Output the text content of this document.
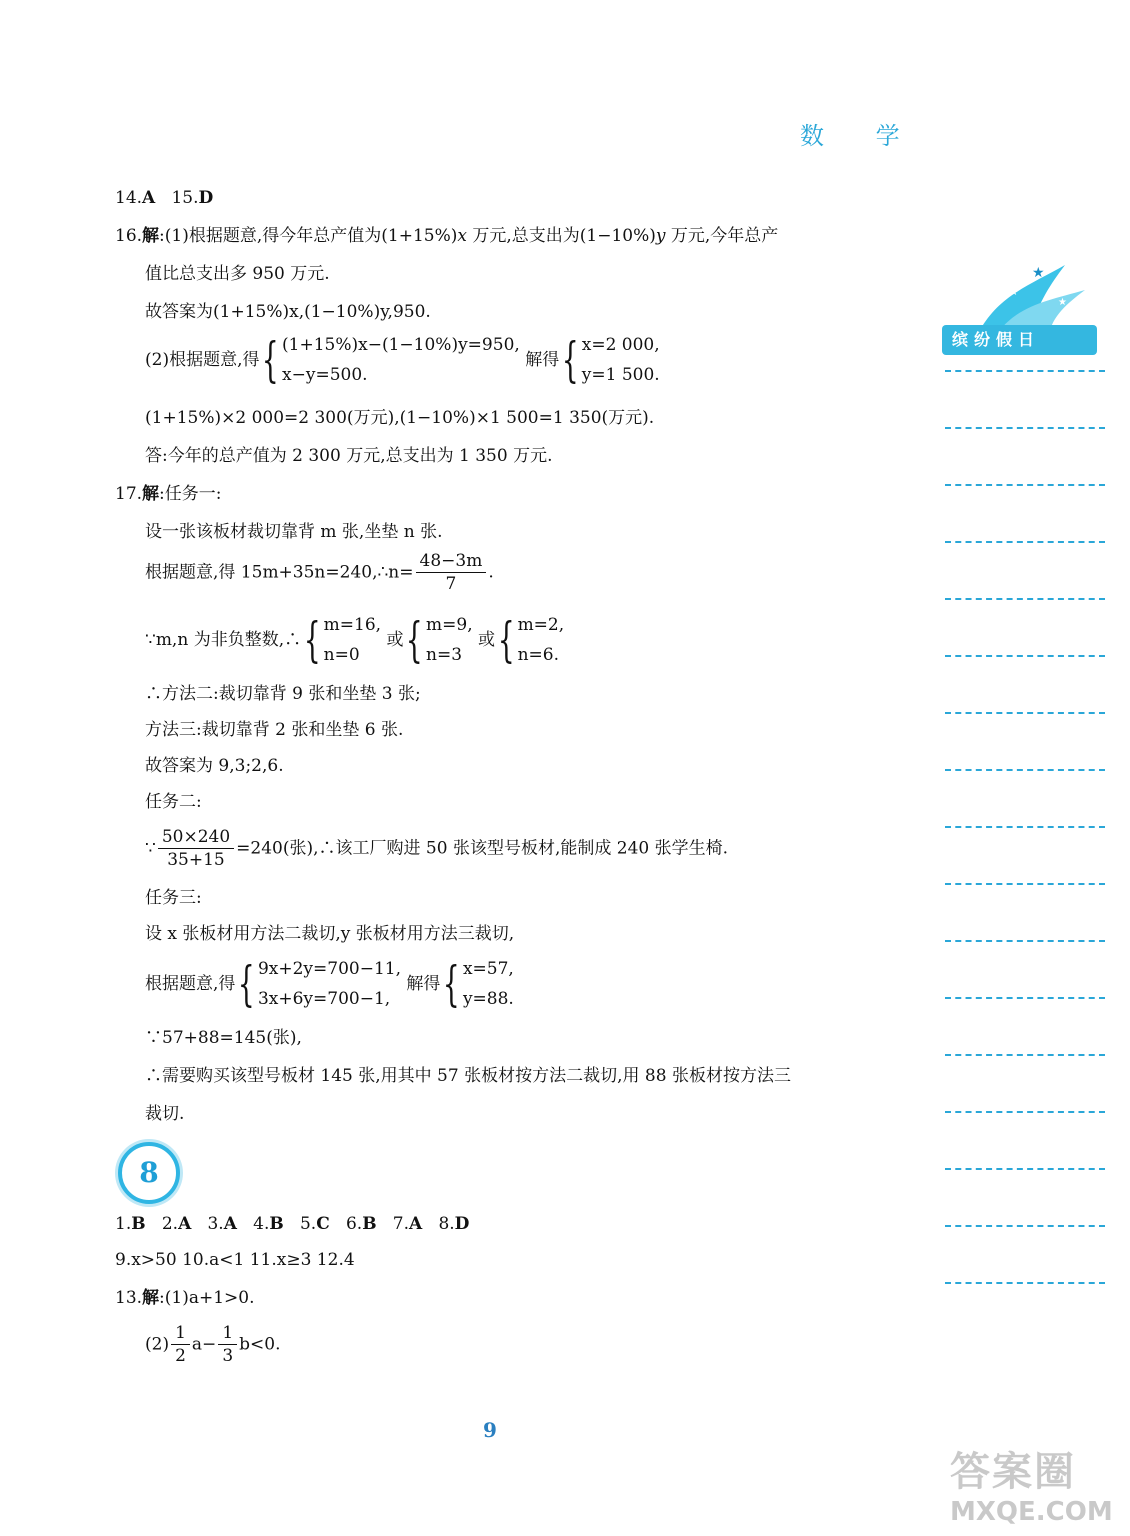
数 学
★
★
★
缤纷假日
14.A 15.D
16.解:(1)根据题意,得今年总产值为(1+15%)x 万元,总支出为(1−10%)y 万元,今年总产
值比总支出多 950 万元.
故答案为(1+15%)x,(1−10%)y,950.
(2)根据题意,得{ (1+15%)x−(1−10%)y=950,
x−y=500.
解得{ x=2 000,
y=1 500.
(1+15%)×2 000=2 300(万元),(1−10%)×1 500=1 350(万元).
答:今年的总产值为 2 300 万元,总支出为 1 350 万元.
17.解:任务一:
设一张该板材裁切靠背 m 张,坐垫 n 张.
根据题意,得 15m+35n=240,∴n= $\frac{48-3m}{7}$ .
∵m,n 为非负整数,∴{ m=16,
n=0
或{ m=9,
n=3
或{ m=2,
n=6.
∴方法二:裁切靠背 9 张和坐垫 3 张;
方法三:裁切靠背 2 张和坐垫 6 张.
故答案为 9,3;2,6.
任务二:
∵ $\frac{50\times 240}{35+15} =240$(张),∴该工厂购进 50 张该型号板材,能制成 240 张学生椅.
任务三:
设 x 张板材用方法二裁切,y 张板材用方法三裁切,
根据题意,得{ 9x+2y=700−11,
3x+6y=700−1,
解得{ x=57,
y=88.
∵57+88=145(张),
∴需要购买该型号板材 145 张,用其中 57 张板材按方法二裁切,用 88 张板材按方法三
裁切.
1.B 2.A 3.A 4.B 5.C 6.B 7.A 8.D
9.x>50 10.a<1 11.x≥3 12.4
13.解:(1)a+1>0.
$(2) \frac{1}{2} a- \frac{1}{3} b<0$.
8
9
答案圈
MXQE.COM
